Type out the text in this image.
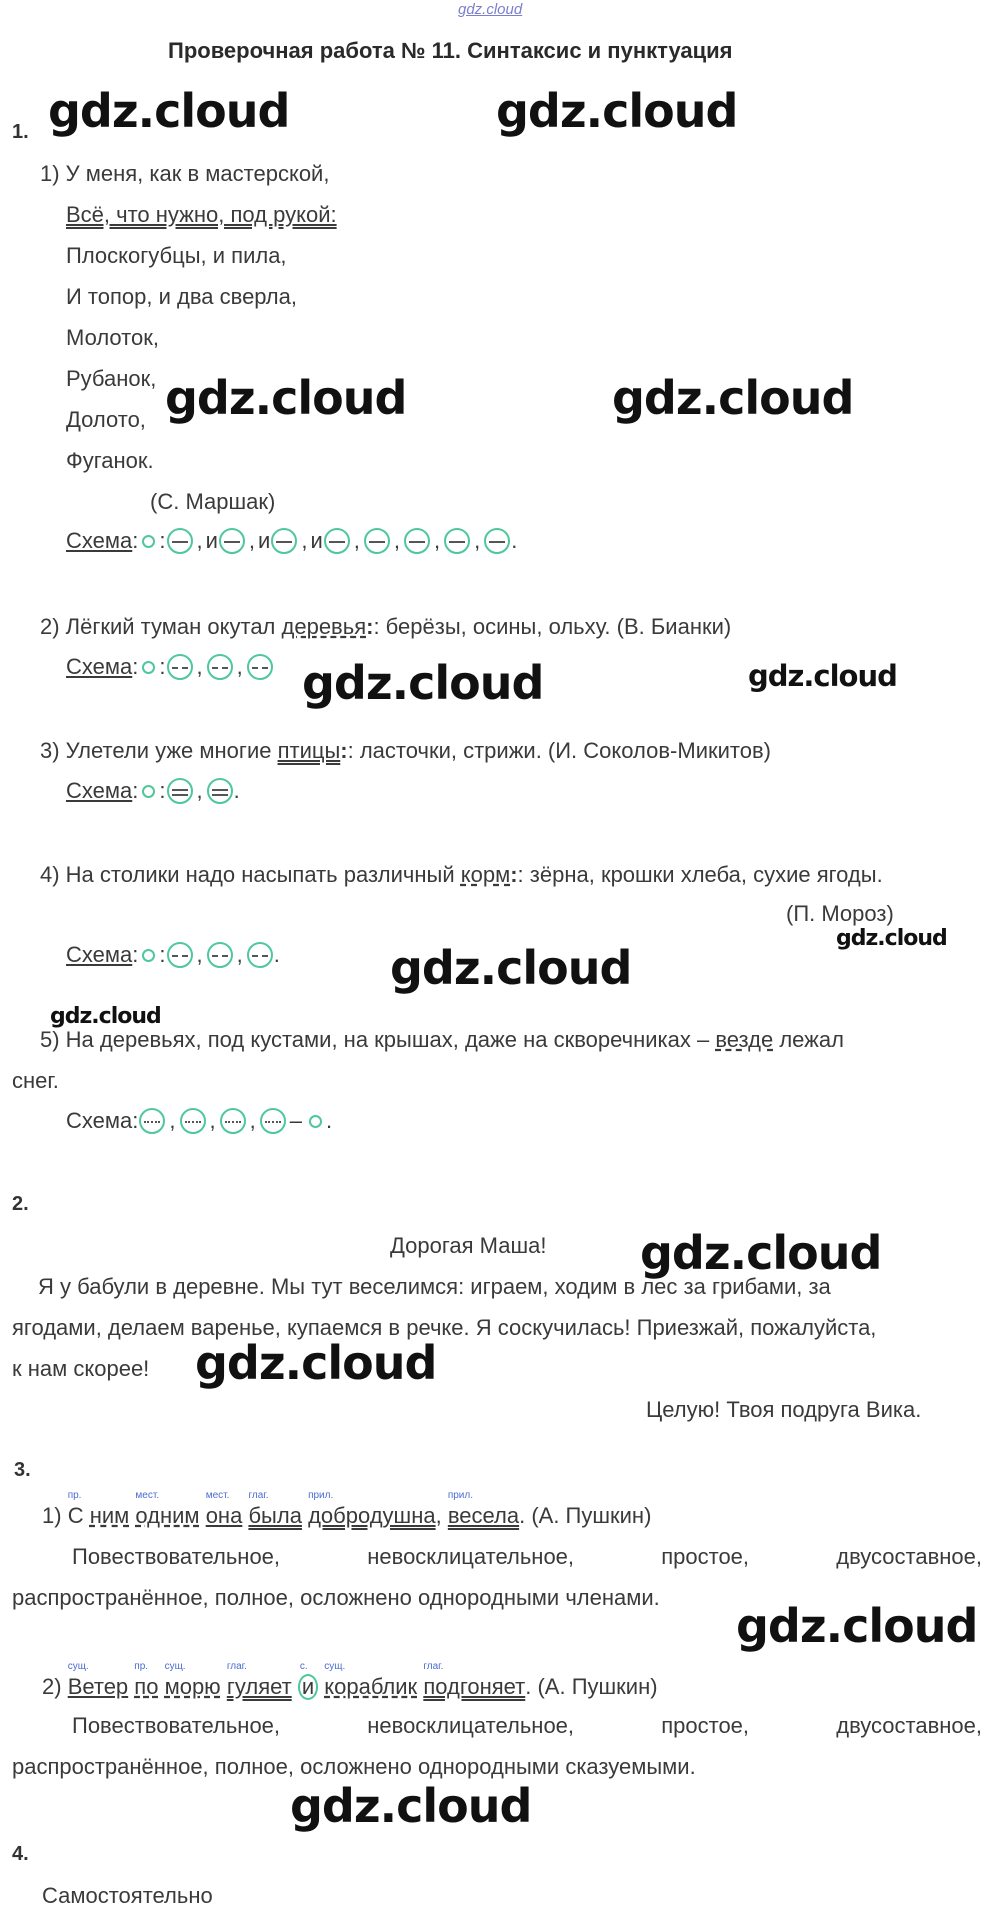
gdz.cloud
Проверочная работа № 11. Синтаксис и пунктуация
gdz.cloud	gdz.cloud
gdz.cloud	gdz.cloud
gdz.cloud	gdz.cloud
gdz.cloud
gdz.cloud
gdz.cloud
gdz.cloud
gdz.cloud
gdz.cloud
gdz.cloud
1.
1) У меня, как в мастерской,
Всё, что нужно, под рукой:
Плоскогубцы, и пила,
И топор, и два сверла,
Молоток,
Рубанок,
Долото,
Фуганок.
(С. Маршак)
Схема : : , и , и , и , , , , .
2) Лёгкий туман окутал деревья:: берёзы, осины, ольху. (В. Бианки)
Схема : : , ,
3) Улетели уже многие птицы:: ласточки, стрижи. (И. Соколов-Микитов)
Схема : : , .
4) На столики надо насыпать различный корм:: зёрна, крошки хлеба, сухие ягоды.
(П. Мороз)
Схема : : , , .
5) На деревьях, под кустами, на крышах, даже на скворечниках – везде лежал
снег.
Схема : , , , – .
2.
Дорогая Маша!
Я у бабули в деревне. Мы тут веселимся: играем, ходим в лес за грибами, за
ягодами, делаем варенье, купаемся в речке. Я соскучилась! Приезжай, пожалуйста,
к нам скорее!
Целую! Твоя подруга Вика.
3.
1)
пр.
С ним
мест.
одним
мест.
она
глаг.
была
прил.
добродушна,
прил.
весела. (А. Пушкин)
Повествовательное,	невосклицательное,	простое,	двусоставное,
распространённое, полное, осложнено однородными членами.
2)
сущ.
Ветер
пр.
по
сущ.
морю
глаг.
гуляет
с.
и
сущ.
кораблик
глаг.
подгоняет. (А. Пушкин)
Повествовательное,	невосклицательное,	простое,	двусоставное,
распространённое, полное, осложнено однородными сказуемыми.
4.
Самостоятельно
